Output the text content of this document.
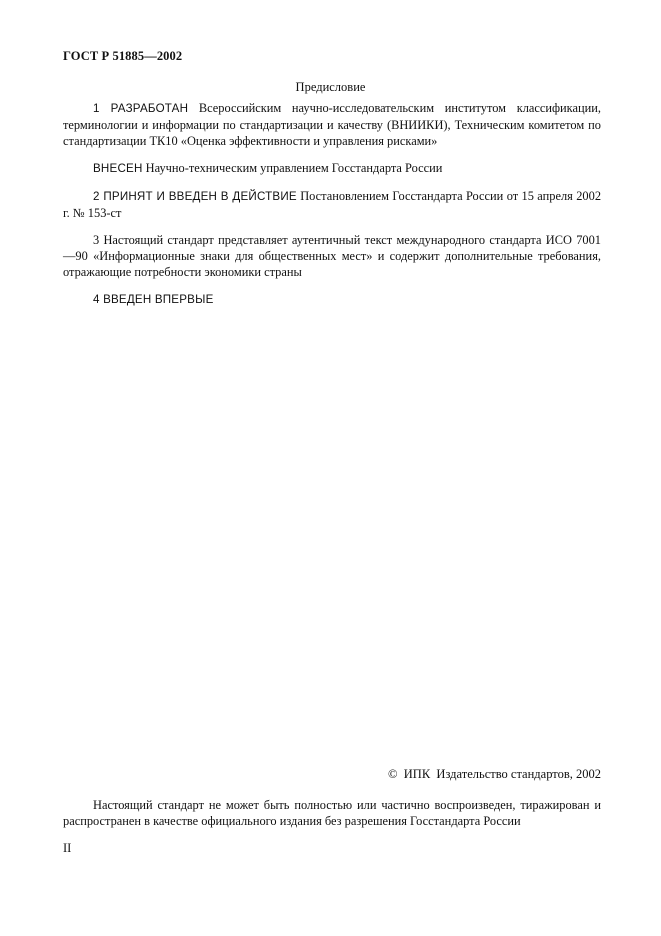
ГОСТ Р 51885—2002
Предисловие

1 РАЗРАБОТАН Всероссийским научно-исследовательским институтом классификации, терминологии и информации по стандартизации и качеству (ВНИИКИ), Техническим комитетом по стандартизации ТК10 «Оценка эффективности и управления рисками»

ВНЕСЕН Научно-техническим управлением Госстандарта России

2 ПРИНЯТ И ВВЕДЕН В ДЕЙСТВИЕ Постановлением Госстандарта России от 15 апреля 2002 г. № 153-ст

3 Настоящий стандарт представляет аутентичный текст международного стандарта ИСО 7001—90 «Информационные знаки для общественных мест» и содержит дополнительные требования, отражающие потребности экономики страны

4 ВВЕДЕН ВПЕРВЫЕ

©  ИПК  Издательство стандартов, 2002

Настоящий стандарт не может быть полностью или частично воспроизведен, тиражирован и распространен в качестве официального издания без разрешения Госстандарта России

II
